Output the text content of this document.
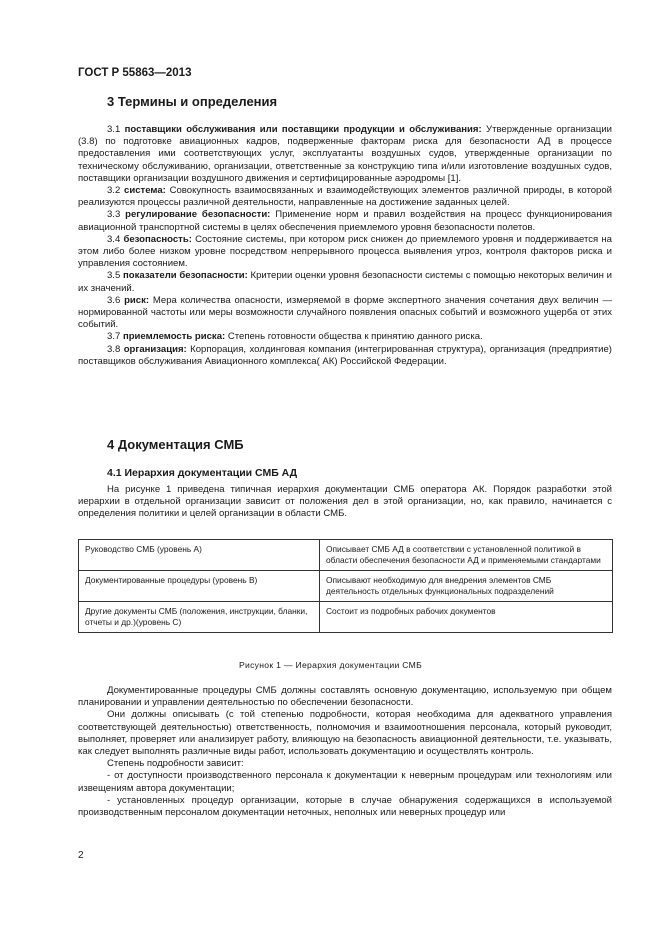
ГОСТ Р 55863—2013
3 Термины и определения

3.1 поставщики обслуживания или поставщики продукции и обслуживания: Утвержденные организации (3.8) по подготовке авиационных кадров, подверженные факторам риска для безопасности АД в процессе предоставления ими соответствующих услуг, эксплуатанты воздушных судов, утвержденные организации по техническому обслуживанию, организации, ответственные за конструкцию типа и/или изготовление воздушных судов, поставщики организации воздушного движения и сертифицированные аэродромы [1].

3.2 система: Совокупность взаимосвязанных и взаимодействующих элементов различной природы, в которой реализуются процессы различной деятельности, направленные на достижение заданных целей.

3.3 регулирование безопасности: Применение норм и правил воздействия на процесс функционирования авиационной транспортной системы в целях обеспечения приемлемого уровня безопасности полетов.

3.4 безопасность: Состояние системы, при котором риск снижен до приемлемого уровня и поддерживается на этом либо более низком уровне посредством непрерывного процесса выявления угроз, контроля факторов риска и управления состоянием.

3.5 показатели безопасности: Критерии оценки уровня безопасности системы с помощью некоторых величин и их значений.

3.6 риск: Мера количества опасности, измеряемой в форме экспертного значения сочетания двух величин — нормированной частоты или меры возможности случайного появления опасных событий и возможного ущерба от этих событий.

3.7 приемлемость риска: Степень готовности общества к принятию данного риска.

3.8 организация: Корпорация, холдинговая компания (интегрированная структура), организация (предприятие) поставщиков обслуживания Авиационного комплекса( АК) Российской Федерации.

4 Документация СМБ
4.1 Иерархия документации СМБ АД

На рисунке 1 приведена типичная иерархия документации СМБ оператора АК. Порядок разработки этой иерархии в отдельной организации зависит от положения дел в этой организации, но, как правило, начинается с определения политики и целей организации в области СМБ.

Руководство СМБ (уровень А)	Описывает СМБ АД в соответствии с установленной политикой в области обеспечения безопасности АД и применяемыми стандартами
Документированные процедуры (уровень В)	Описывают необходимую для внедрения элементов СМБ деятельность отдельных функциональных подразделений
Другие документы СМБ (положения, инструкции, бланки, отчеты и др.)(уровень С)	Состоит из подробных рабочих документов
Рисунок 1 — Иерархия документации СМБ

Документированные процедуры СМБ должны составлять основную документацию, используемую при общем планировании и управлении деятельностью по обеспечении безопасности.

Они должны описывать (с той степенью подробности, которая необходима для адекватного управления соответствующей деятельностью) ответственность, полномочия и взаимоотношения персонала, который руководит, выполняет, проверяет или анализирует работу, влияющую на безопасность авиационной деятельности, т.е. указывать, как следует выполнять различные виды работ, использовать документацию и осуществлять контроль.

Степень подробности зависит:

- от доступности производственного персонала к документации к неверным процедурам или технологиям или извещениям автора документации;

- установленных процедур организации, которые в случае обнаружения содержащихся в используемой производственным персоналом документации неточных, неполных или неверных процедур или

2
